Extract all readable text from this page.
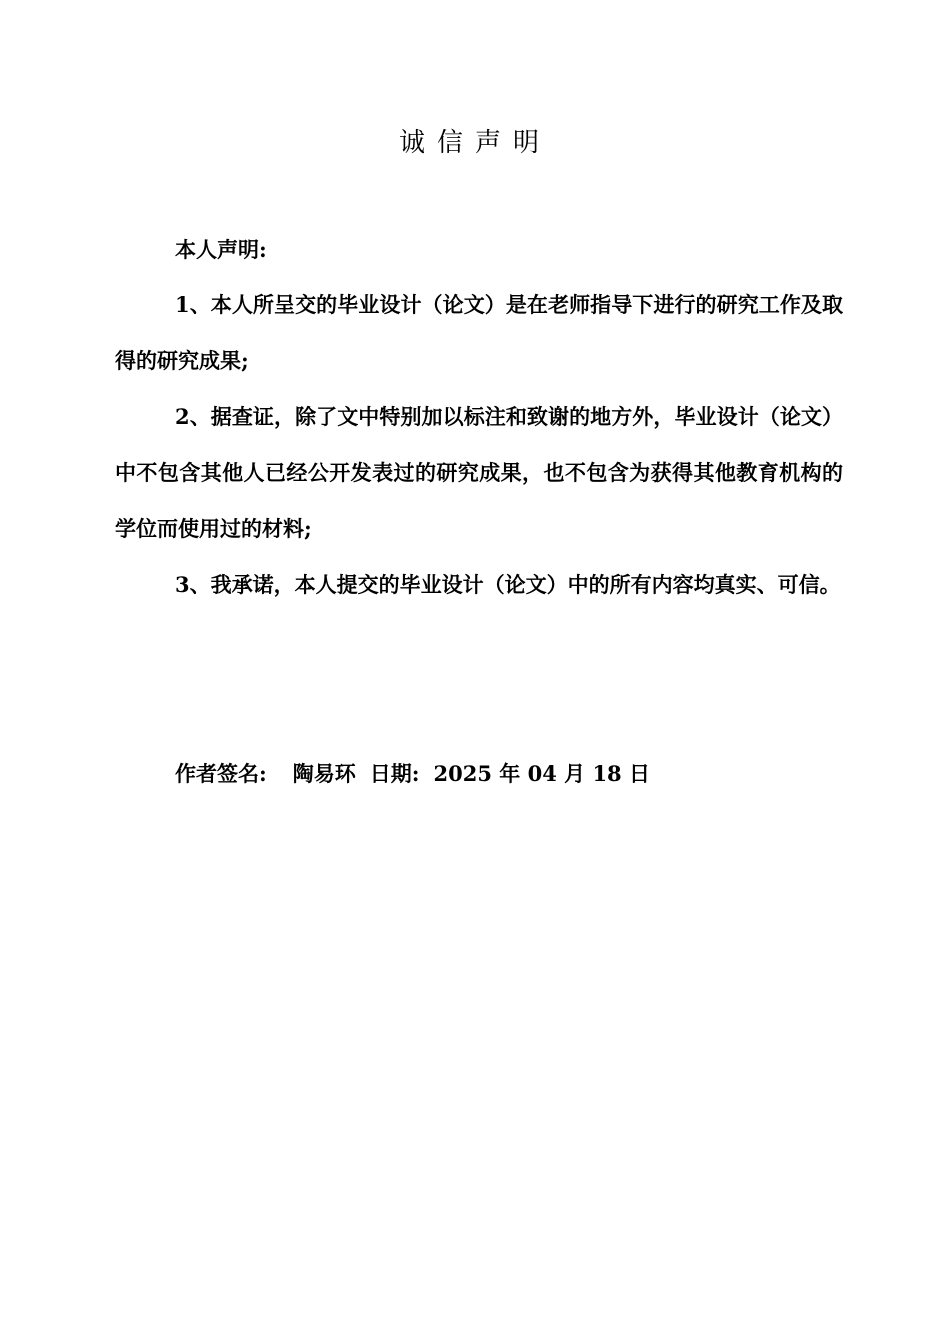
诚信声明
本人声明:
1、本人所呈交的毕业设计（论文）是在老师指导下进行的研究工作及取得的研究成果;
2、据查证，除了文中特别加以标注和致谢的地方外，毕业设计（论文）中不包含其他人已经公开发表过的研究成果，也不包含为获得其他教育机构的学位而使用过的材料;
3、我承诺，本人提交的毕业设计（论文）中的所有内容均真实、可信。
作者签名: 陶易环 日期: 2025 年 04 月 18 日
